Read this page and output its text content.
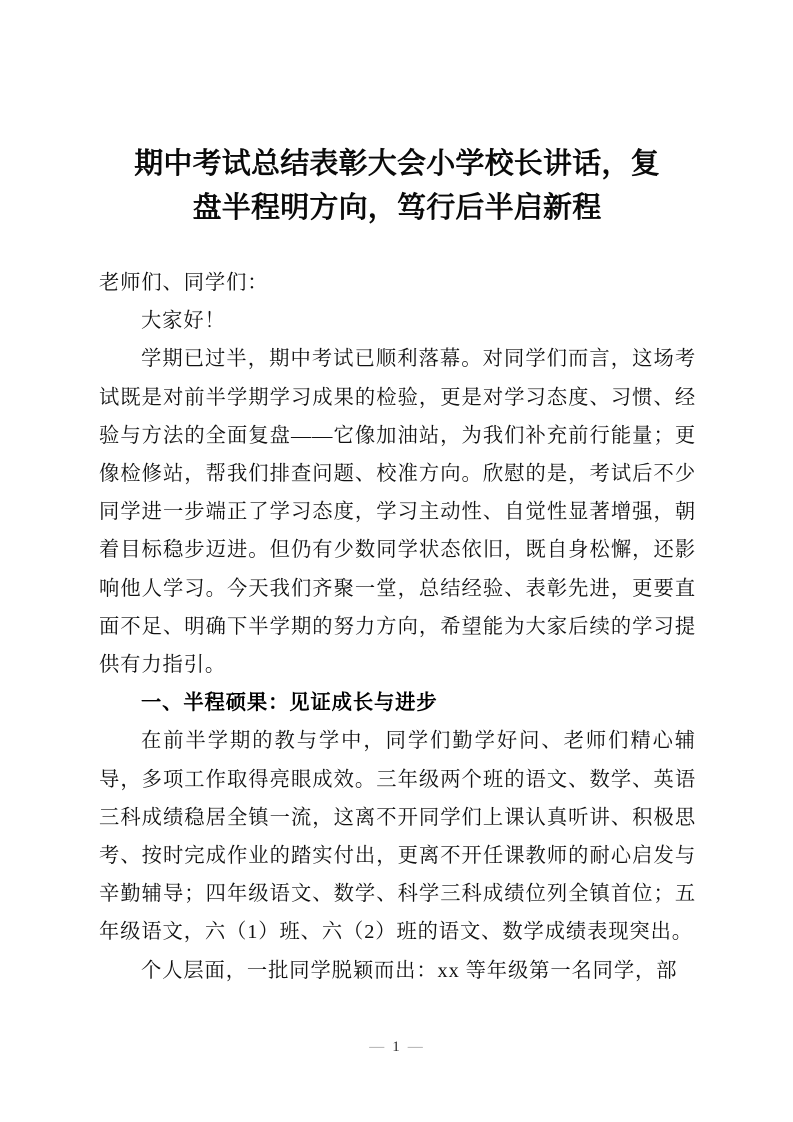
期中考试总结表彰大会小学校长讲话，复
盘半程明方向，笃行后半启新程

老师们、同学们：

大家好！

学期已过半，期中考试已顺利落幕。对同学们而言，这场考试既是对前半学期学习成果的检验，更是对学习态度、习惯、经验与方法的全面复盘——它像加油站，为我们补充前行能量；更像检修站，帮我们排查问题、校准方向。欣慰的是，考试后不少同学进一步端正了学习态度，学习主动性、自觉性显著增强，朝着目标稳步迈进。但仍有少数同学状态依旧，既自身松懈，还影响他人学习。今天我们齐聚一堂，总结经验、表彰先进，更要直面不足、明确下半学期的努力方向，希望能为大家后续的学习提供有力指引。

一、半程硕果：见证成长与进步

在前半学期的教与学中，同学们勤学好问、老师们精心辅导，多项工作取得亮眼成效。三年级两个班的语文、数学、英语三科成绩稳居全镇一流，这离不开同学们上课认真听讲、积极思考、按时完成作业的踏实付出，更离不开任课教师的耐心启发与辛勤辅导；四年级语文、数学、科学三科成绩位列全镇首位；五年级语文，六（1）班、六（2）班的语文、数学成绩表现突出。

个人层面，一批同学脱颖而出：xx 等年级第一名同学，部

— 1 —
